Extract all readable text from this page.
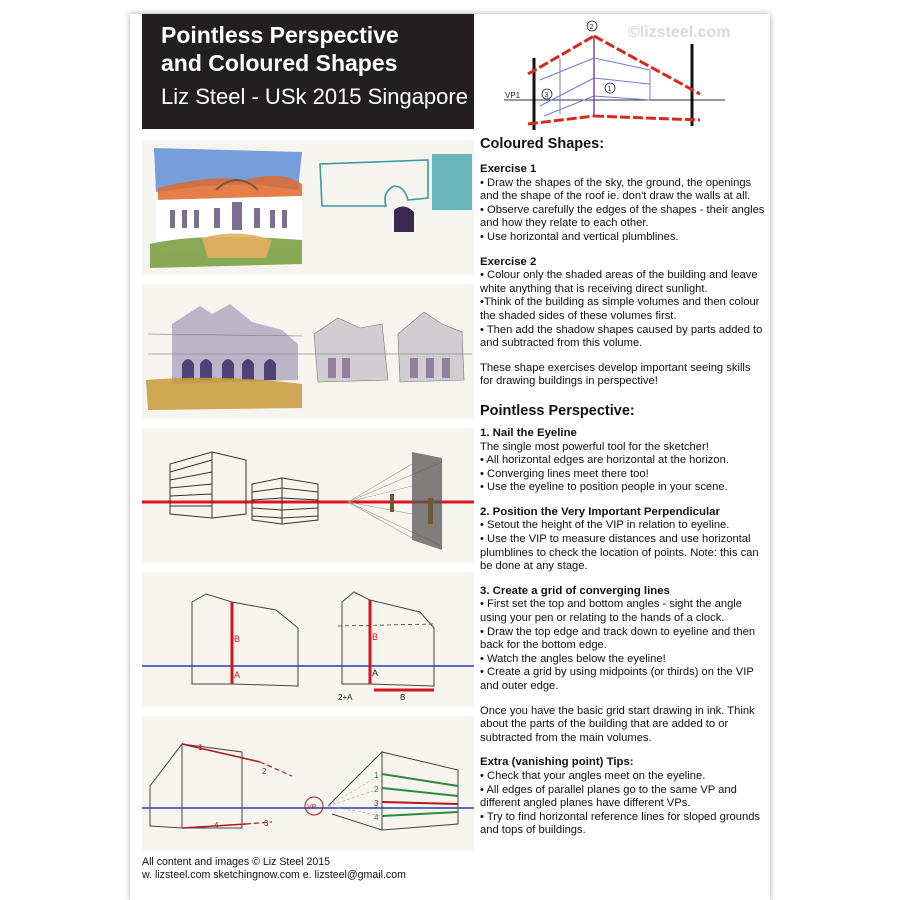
Pointless Perspective
and Coloured Shapes
Liz Steel - USk 2015 Singapore
©lizsteel.com
VP1
2
1
3
B
A
B
A
2+A	B
1
2
3
4
VP
1
2
3
4
Coloured Shapes:
Exercise 1

• Draw the shapes of the sky, the ground, the openings and the shape of the roof ie. don't draw the walls at all.

• Observe carefully the edges of the shapes - their angles and how they relate to each other.

• Use horizontal and vertical plumblines.

Exercise 2

• Colour only the shaded areas of the building and leave white anything that is receiving direct sunlight.

•Think of the building as simple volumes and then colour the shaded sides of these volumes first.

• Then add the shadow shapes caused by parts added to and subtracted from this volume.

These shape exercises develop important seeing skills for drawing buildings in perspective!

Pointless Perspective:
1. Nail the Eyeline

The single most powerful tool for the sketcher!

• All horizontal edges are horizontal at the horizon.

• Converging lines meet there too!

• Use the eyeline to position people in your scene.

2. Position the Very Important Perpendicular

• Setout the height of the VIP in relation to eyeline.

• Use the VIP to measure distances and use horizontal plumblines to check the location of points. Note: this can be done at any stage.

3. Create a grid of converging lines

• First set the top and bottom angles - sight the angle using your pen or relating to the hands of a clock.

• Draw the top edge and track down to eyeline and then back for the bottom edge.

• Watch the angles below the eyeline!

• Create a grid by using midpoints (or thirds) on the VIP and outer edge.

Once you have the basic grid start drawing in ink. Think about the parts of the building that are added to or subtracted from the main volumes.

Extra (vanishing point) Tips:

• Check that your angles meet on the eyeline.

• All edges of parallel planes go to the same VP and different angled planes have different VPs.

• Try to find horizontal reference lines for sloped grounds and tops of buildings.

All content and images © Liz Steel 2015
w. lizsteel.com sketchingnow.com e. lizsteel@gmail.com
